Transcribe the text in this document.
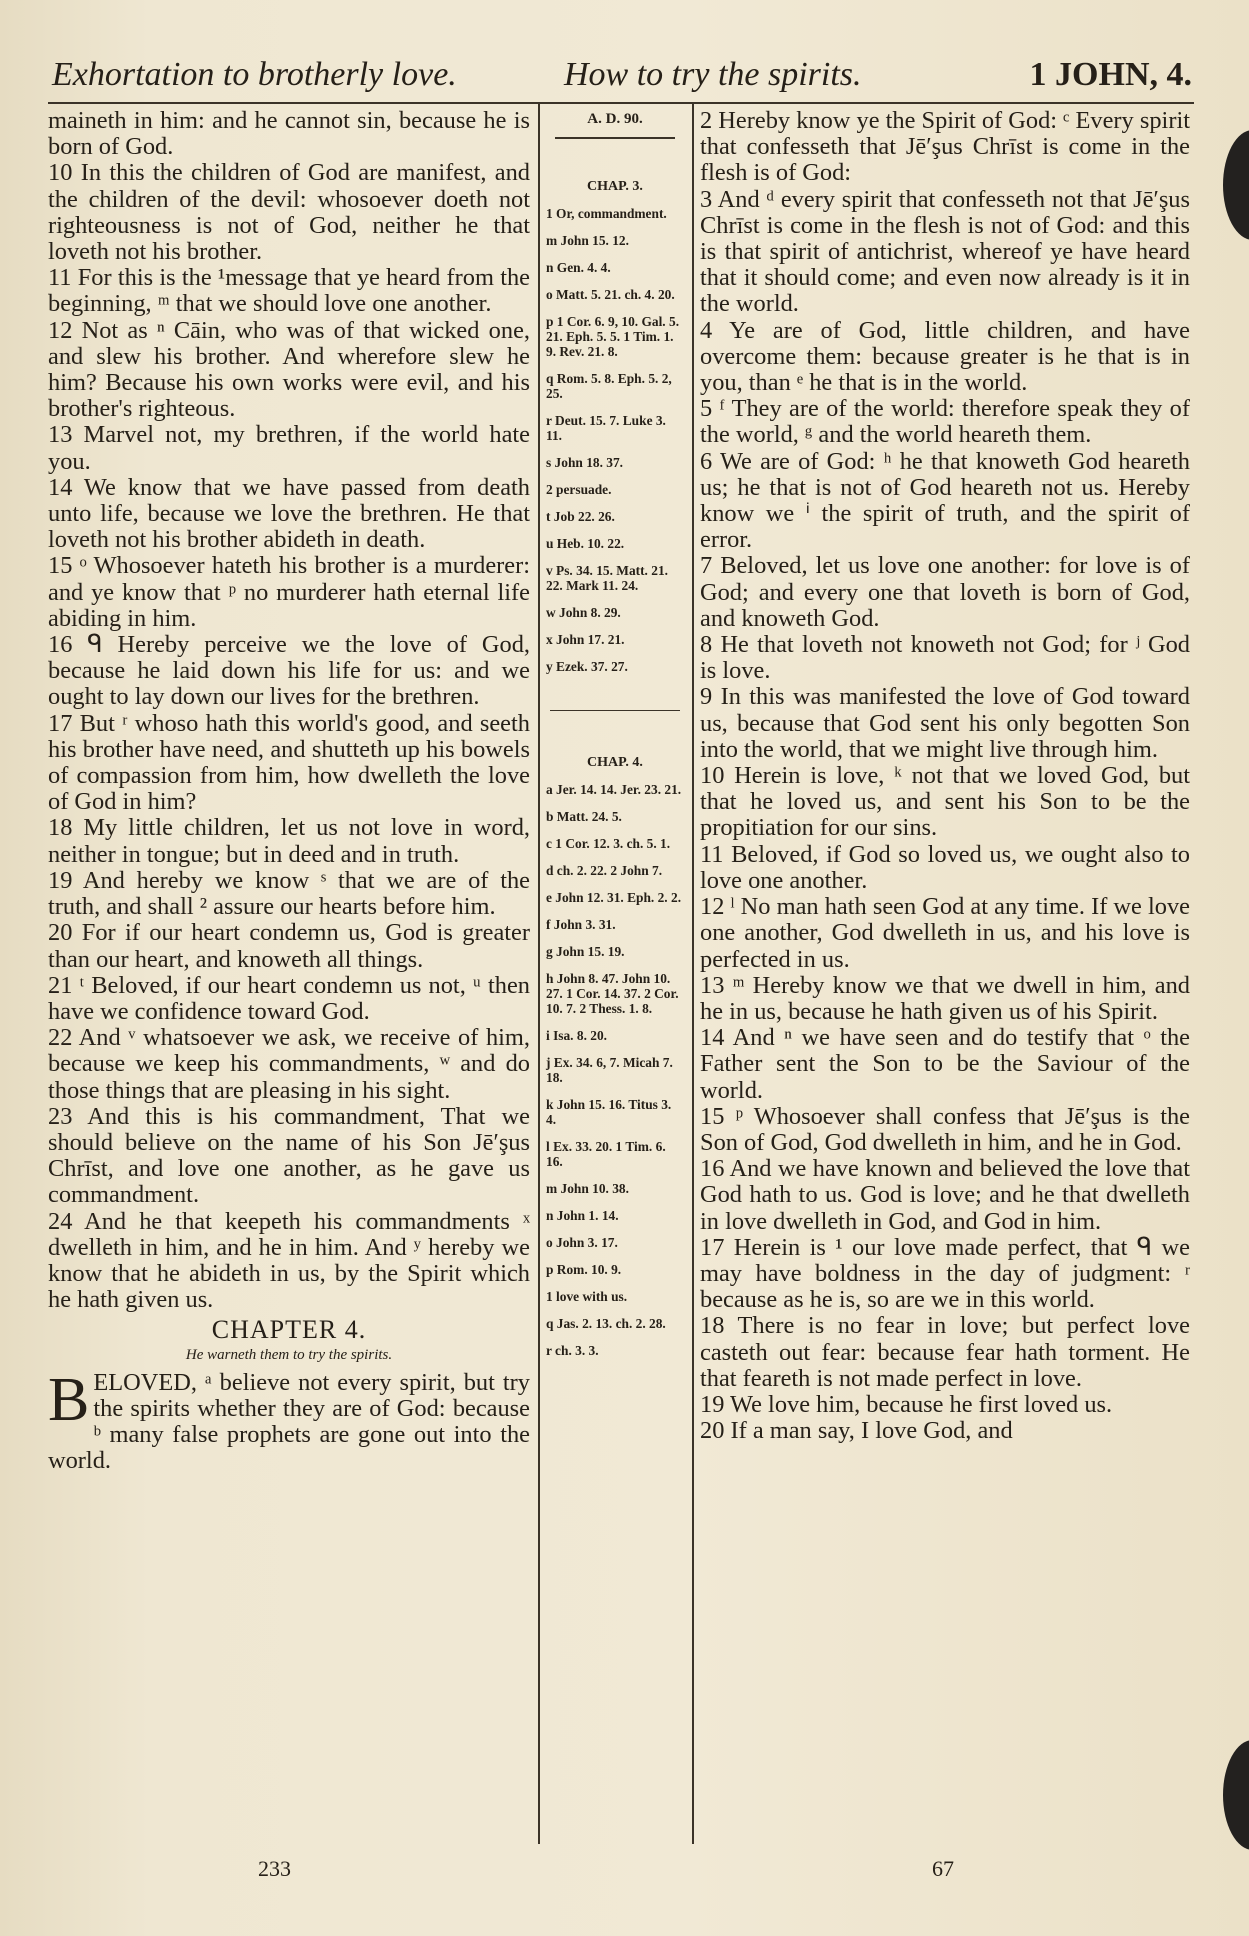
Exhortation to brotherly love.	How to try the spirits.	1 JOHN, 4.

maineth in him: and he cannot sin, because he is born of God.

10 In this the children of God are manifest, and the children of the devil: whosoever doeth not righteousness is not of God, neither he that loveth not his brother.

11 For this is the ¹message that ye heard from the beginning, ᵐ that we should love one another.

12 Not as ⁿ Cāin, who was of that wicked one, and slew his brother. And wherefore slew he him? Because his own works were evil, and his brother's righteous.

13 Marvel not, my brethren, if the world hate you.

14 We know that we have passed from death unto life, because we love the brethren. He that loveth not his brother abideth in death.

15 ᵒ Whosoever hateth his brother is a murderer: and ye know that ᵖ no murderer hath eternal life abiding in him.

16 ᑫ Hereby perceive we the love of God, because he laid down his life for us: and we ought to lay down our lives for the brethren.

17 But ʳ whoso hath this world's good, and seeth his brother have need, and shutteth up his bowels of compassion from him, how dwelleth the love of God in him?

18 My little children, let us not love in word, neither in tongue; but in deed and in truth.

19 And hereby we know ˢ that we are of the truth, and shall ² assure our hearts before him.

20 For if our heart condemn us, God is greater than our heart, and knoweth all things.

21 ᵗ Beloved, if our heart condemn us not, ᵘ then have we confidence toward God.

22 And ᵛ whatsoever we ask, we receive of him, because we keep his commandments, ʷ and do those things that are pleasing in his sight.

23 And this is his commandment, That we should believe on the name of his Son Jē′şus Chrīst, and love one another, as he gave us commandment.

24 And he that keepeth his commandments ˣ dwelleth in him, and he in him. And ʸ hereby we know that he abideth in us, by the Spirit which he hath given us.

CHAPTER 4.
He warneth them to try the spirits.

BELOVED, ᵃ believe not every spirit, but try the spirits whether they are of God: because ᵇ many false prophets are gone out into the world.

A. D. 90.
CHAP. 3.
1 Or, commandment.
m John 15. 12.
n Gen. 4. 4.
o Matt. 5. 21. ch. 4. 20.
p 1 Cor. 6. 9, 10. Gal. 5. 21. Eph. 5. 5. 1 Tim. 1. 9. Rev. 21. 8.
q Rom. 5. 8. Eph. 5. 2, 25.
r Deut. 15. 7. Luke 3. 11.
s John 18. 37.
2 persuade.
t Job 22. 26.
u Heb. 10. 22.
v Ps. 34. 15. Matt. 21. 22. Mark 11. 24.
w John 8. 29.
x John 17. 21.
y Ezek. 37. 27.
CHAP. 4.
a Jer. 14. 14. Jer. 23. 21.
b Matt. 24. 5.
c 1 Cor. 12. 3. ch. 5. 1.
d ch. 2. 22. 2 John 7.
e John 12. 31. Eph. 2. 2.
f John 3. 31.
g John 15. 19.
h John 8. 47. John 10. 27. 1 Cor. 14. 37. 2 Cor. 10. 7. 2 Thess. 1. 8.
i Isa. 8. 20.
j Ex. 34. 6, 7. Micah 7. 18.
k John 15. 16. Titus 3. 4.
l Ex. 33. 20. 1 Tim. 6. 16.
m John 10. 38.
n John 1. 14.
o John 3. 17.
p Rom. 10. 9.
1 love with us.
q Jas. 2. 13. ch. 2. 28.
r ch. 3. 3.

2 Hereby know ye the Spirit of God: ᶜ Every spirit that confesseth that Jē′şus Chrīst is come in the flesh is of God:

3 And ᵈ every spirit that confesseth not that Jē′şus Chrīst is come in the flesh is not of God: and this is that spirit of antichrist, whereof ye have heard that it should come; and even now already is it in the world.

4 Ye are of God, little children, and have overcome them: because greater is he that is in you, than ᵉ he that is in the world.

5 ᶠ They are of the world: therefore speak they of the world, ᵍ and the world heareth them.

6 We are of God: ʰ he that knoweth God heareth us; he that is not of God heareth not us. Hereby know we ⁱ the spirit of truth, and the spirit of error.

7 Beloved, let us love one another: for love is of God; and every one that loveth is born of God, and knoweth God.

8 He that loveth not knoweth not God; for ʲ God is love.

9 In this was manifested the love of God toward us, because that God sent his only begotten Son into the world, that we might live through him.

10 Herein is love, ᵏ not that we loved God, but that he loved us, and sent his Son to be the propitiation for our sins.

11 Beloved, if God so loved us, we ought also to love one another.

12 ˡ No man hath seen God at any time. If we love one another, God dwelleth in us, and his love is perfected in us.

13 ᵐ Hereby know we that we dwell in him, and he in us, because he hath given us of his Spirit.

14 And ⁿ we have seen and do testify that ᵒ the Father sent the Son to be the Saviour of the world.

15 ᵖ Whosoever shall confess that Jē′şus is the Son of God, God dwelleth in him, and he in God.

16 And we have known and believed the love that God hath to us. God is love; and he that dwelleth in love dwelleth in God, and God in him.

17 Herein is ¹ our love made perfect, that ᑫ we may have boldness in the day of judgment: ʳ because as he is, so are we in this world.

18 There is no fear in love; but perfect love casteth out fear: because fear hath torment. He that feareth is not made perfect in love.

19 We love him, because he first loved us.

20 If a man say, I love God, and

233	67
